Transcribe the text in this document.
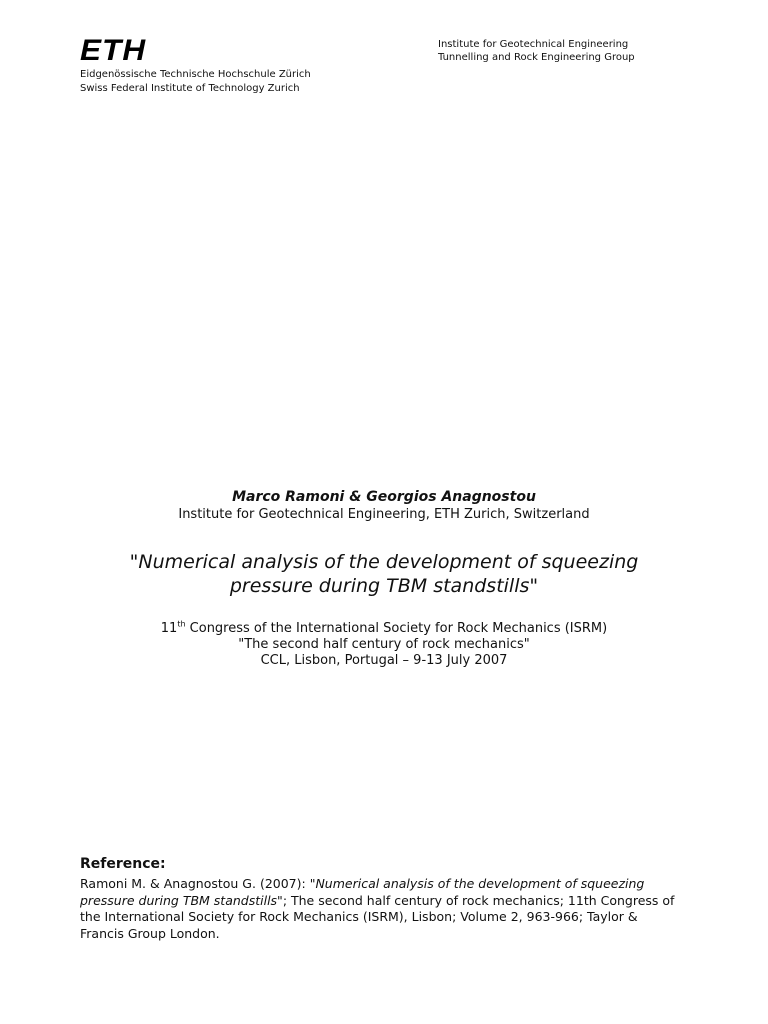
ETH
Eidgenössische Technische Hochschule Zürich
Swiss Federal Institute of Technology Zurich
Institute for Geotechnical Engineering
Tunnelling and Rock Engineering Group
Marco Ramoni & Georgios Anagnostou
Institute for Geotechnical Engineering, ETH Zurich, Switzerland
"Numerical analysis of the development of squeezing
pressure during TBM standstills"
11th Congress of the International Society for Rock Mechanics (ISRM)
"The second half century of rock mechanics"
CCL, Lisbon, Portugal – 9-13 July 2007
Reference:
Ramoni M. & Anagnostou G. (2007): "Numerical analysis of the development of squeezing pressure during TBM standstills"; The second half century of rock mechanics; 11th Congress of the International Society for Rock Mechanics (ISRM), Lisbon; Volume 2, 963-966; Taylor & Francis Group London.
